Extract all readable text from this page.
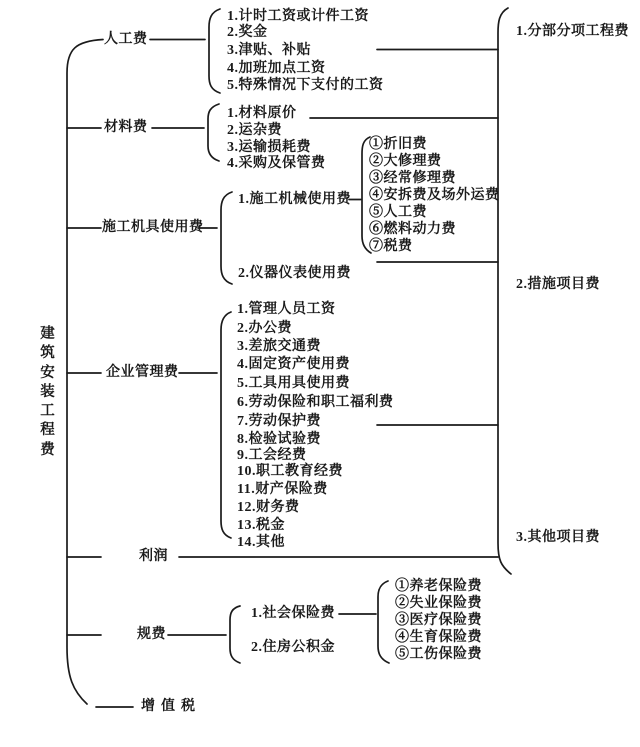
建筑安装工程费
人工费
材料费
施工机具使用费
企业管理费
利润
规费
增值税
1.计时工资或计件工资
2.奖金
3.津贴、补贴
4.加班加点工资
5.特殊情况下支付的工资
1.材料原价
2.运杂费
3.运输损耗费
4.采购及保管费
1.施工机械使用费
2.仪器仪表使用费
①折旧费
②大修理费
③经常修理费
④安拆费及场外运费
⑤人工费
⑥燃料动力费
⑦税费
1.管理人员工资
2.办公费
3.差旅交通费
4.固定资产使用费
5.工具用具使用费
6.劳动保险和职工福利费
7.劳动保护费
8.检验试验费
9.工会经费
10.职工教育经费
11.财产保险费
12.财务费
13.税金
14.其他
1.社会保险费
2.住房公积金
①养老保险费
②失业保险费
③医疗保险费
④生育保险费
⑤工伤保险费
1.分部分项工程费
2.措施项目费
3.其他项目费
